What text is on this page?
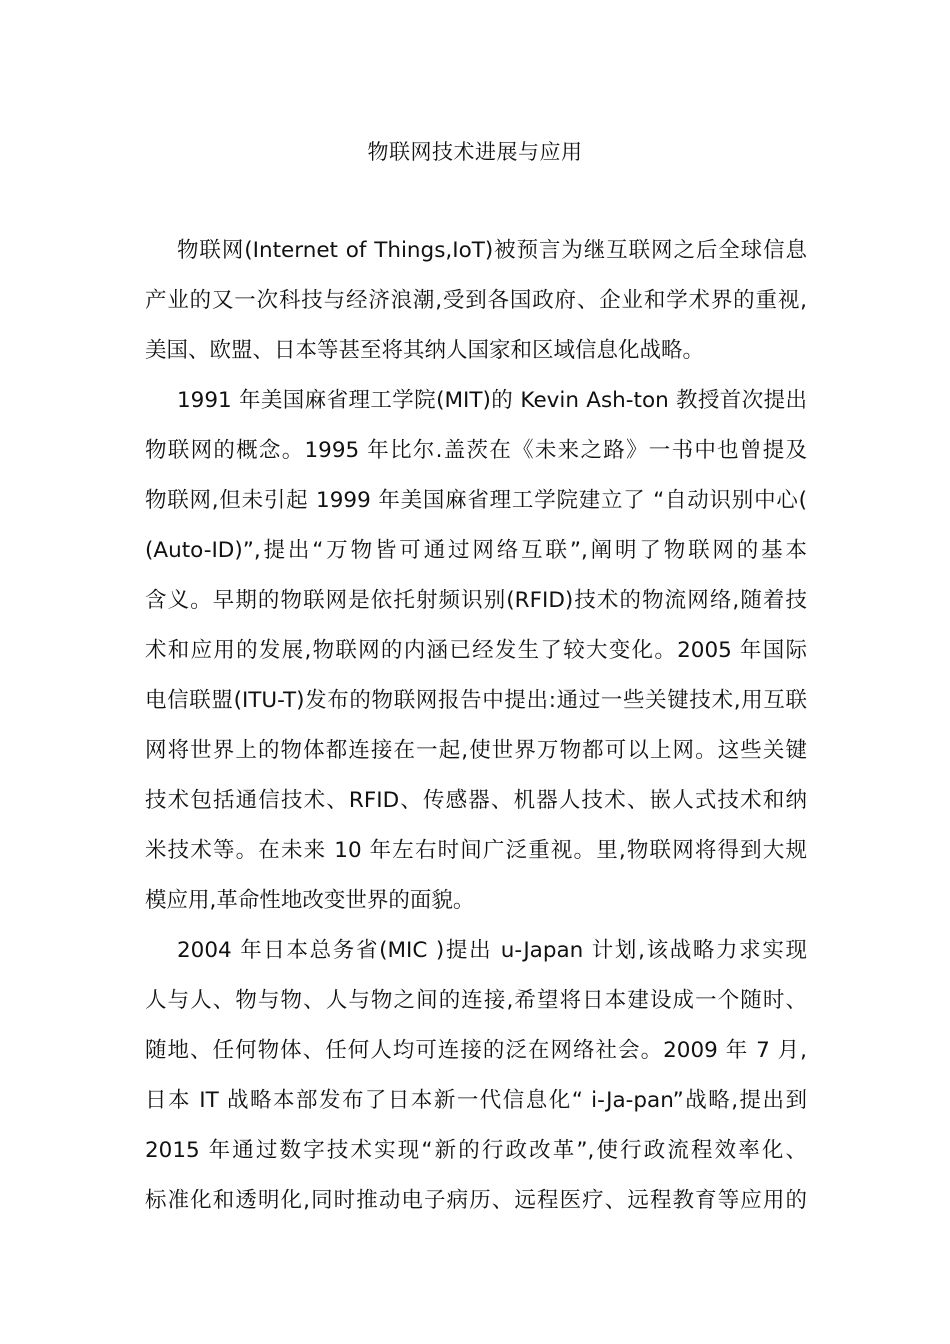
物联网技术进展与应用
物联网(Internet of Things,IoT)被预言为继互联网之后全球信息
产业的又一次科技与经济浪潮,受到各国政府、企业和学术界的重视,
美国、欧盟、日本等甚至将其纳人国家和区域信息化战略。
1991 年美国麻省理工学院(MIT)的 Kevin Ash-ton 教授首次提出
物联网的概念。1995 年比尔.盖茨在《未来之路》一书中也曾提及
物联网,但未引起 1999 年美国麻省理工学院建立了 “自动识别中心(
(Auto-ID)”,提出“万物皆可通过网络互联”,阐明了物联网的基本
含义。早期的物联网是依托射频识别(RFID)技术的物流网络,随着技
术和应用的发展,物联网的内涵已经发生了较大变化。2005 年国际
电信联盟(ITU-T)发布的物联网报告中提出:通过一些关键技术,用互联
网将世界上的物体都连接在一起,使世界万物都可以上网。这些关键
技术包括通信技术、RFID、传感器、机器人技术、嵌人式技术和纳
米技术等。在未来 10 年左右时间广泛重视。里,物联网将得到大规
模应用,革命性地改变世界的面貌。
2004 年日本总务省(MIC )提出 u-Japan 计划,该战略力求实现
人与人、物与物、人与物之间的连接,希望将日本建设成一个随时、
随地、任何物体、任何人均可连接的泛在网络社会。2009 年 7 月,
日本 IT 战略本部发布了日本新一代信息化“ i-Ja-pan”战略,提出到
2015 年通过数字技术实现“新的行政改革”,使行政流程效率化、
标准化和透明化,同时推动电子病历、远程医疗、远程教育等应用的
